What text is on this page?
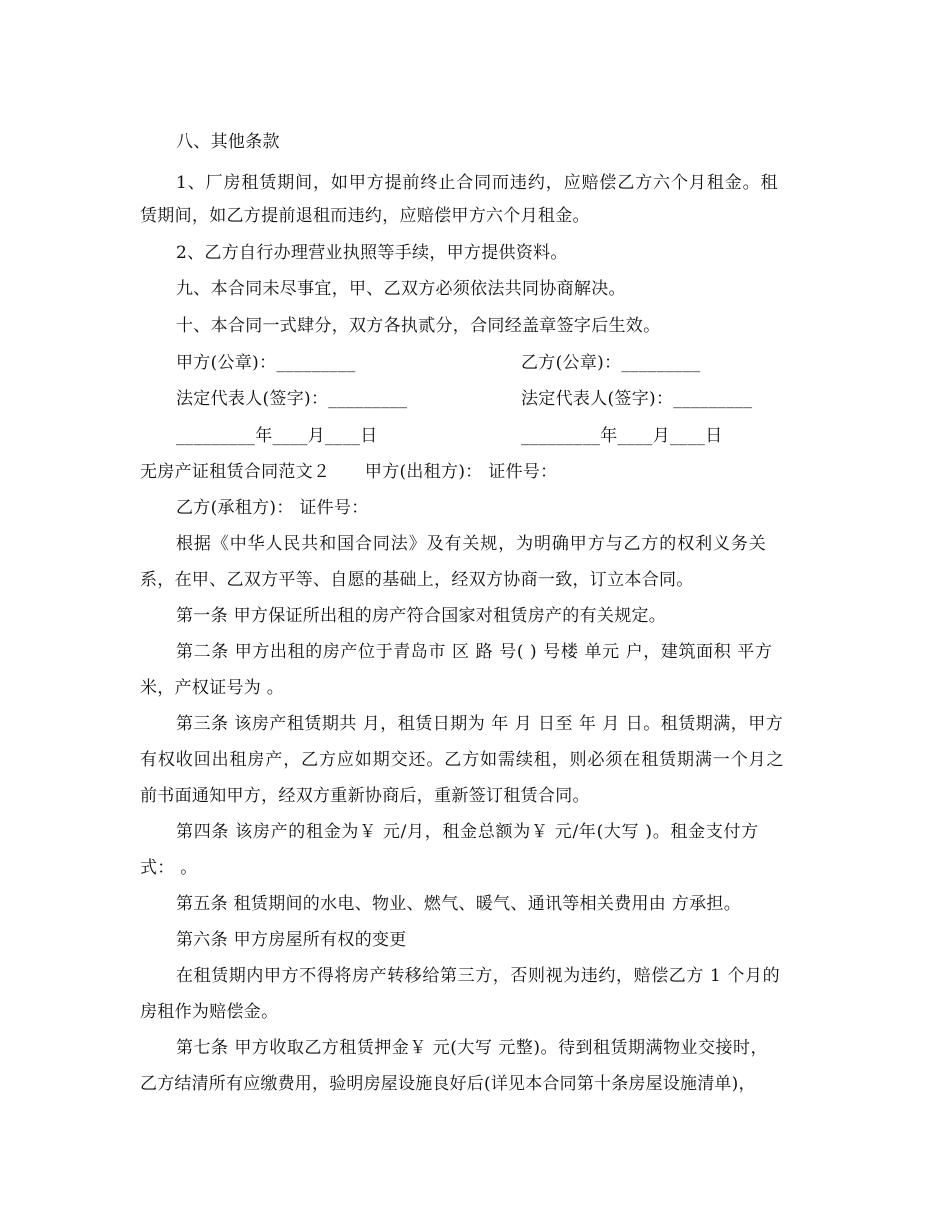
八、其他条款
1、厂房租赁期间，如甲方提前终止合同而违约，应赔偿乙方六个月租金。租
赁期间，如乙方提前退租而违约，应赔偿甲方六个月租金。
2、乙方自行办理营业执照等手续，甲方提供资料。
九、本合同未尽事宜，甲、乙双方必须依法共同协商解决。
十、本合同一式肆分，双方各执贰分，合同经盖章签字后生效。
甲方(公章)：_________	乙方(公章)：_________
法定代表人(签字)：_________	法定代表人(签字)：_________
_________年____月____日	_________年____月____日
无房产证租赁合同范文２　　甲方(出租方)： 证件号：
乙方(承租方)： 证件号：
根据《中华人民共和国合同法》及有关规，为明确甲方与乙方的权利义务关
系，在甲、乙双方平等、自愿的基础上，经双方协商一致，订立本合同。
第一条 甲方保证所出租的房产符合国家对租赁房产的有关规定。
第二条 甲方出租的房产位于青岛市 区 路 号( ) 号楼 单元 户，建筑面积 平方
米，产权证号为 。
第三条 该房产租赁期共 月，租赁日期为 年 月 日至 年 月 日。租赁期满，甲方
有权收回出租房产，乙方应如期交还。乙方如需续租，则必须在租赁期满一个月之
前书面通知甲方，经双方重新协商后，重新签订租赁合同。
第四条 该房产的租金为￥ 元/月，租金总额为￥ 元/年(大写 )。租金支付方
式： 。
第五条 租赁期间的水电、物业、燃气、暖气、通讯等相关费用由 方承担。
第六条 甲方房屋所有权的变更
在租赁期内甲方不得将房产转移给第三方，否则视为违约，赔偿乙方 1 个月的
房租作为赔偿金。
第七条 甲方收取乙方租赁押金￥ 元(大写 元整)。待到租赁期满物业交接时，
乙方结清所有应缴费用，验明房屋设施良好后(详见本合同第十条房屋设施清单)，
